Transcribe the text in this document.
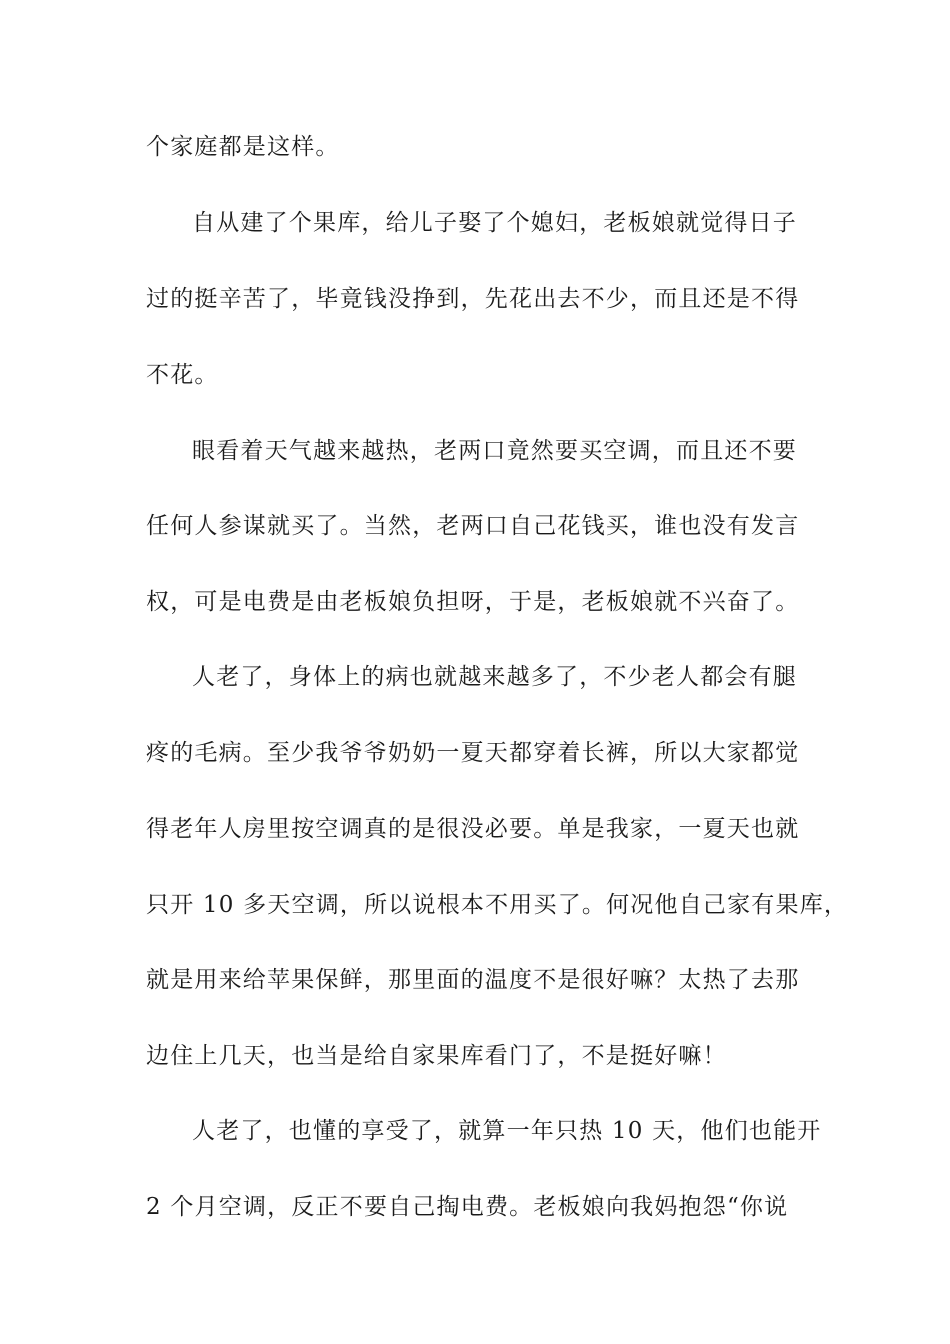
个家庭都是这样。
自从建了个果库，给儿子娶了个媳妇，老板娘就觉得日子
过的挺辛苦了，毕竟钱没挣到，先花出去不少，而且还是不得
不花。
眼看着天气越来越热，老两口竟然要买空调，而且还不要
任何人参谋就买了。当然，老两口自己花钱买，谁也没有发言
权，可是电费是由老板娘负担呀，于是，老板娘就不兴奋了。
人老了，身体上的病也就越来越多了，不少老人都会有腿
疼的毛病。至少我爷爷奶奶一夏天都穿着长裤，所以大家都觉
得老年人房里按空调真的是很没必要。单是我家，一夏天也就
只开 10 多天空调，所以说根本不用买了。何况他自己家有果库，
就是用来给苹果保鲜，那里面的温度不是很好嘛？太热了去那
边住上几天，也当是给自家果库看门了，不是挺好嘛！
人老了，也懂的享受了，就算一年只热 10 天，他们也能开
2 个月空调，反正不要自己掏电费。老板娘向我妈抱怨“你说
